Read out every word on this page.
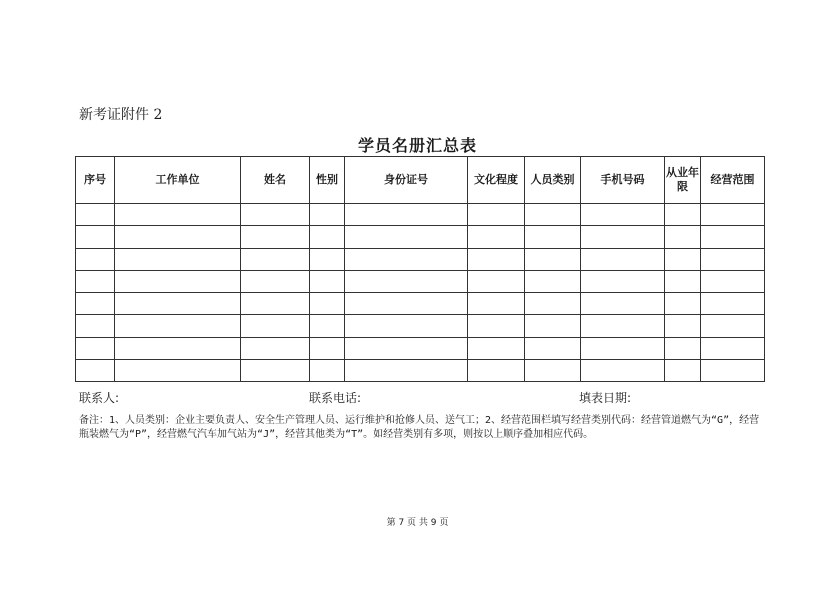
新考证附件 2
学员名册汇总表
序号	工作单位	姓名	性别	身份证号	文化程度	人员类别	手机号码	从业年限	经营范围

联系人:	联系电话:	填表日期:
备注：1、人员类别：企业主要负责人、安全生产管理人员、运行维护和抢修人员、送气工；2、经营范围栏填写经营类别代码：经营管道燃气为“G”，经营瓶装燃气为“P”，经营燃气汽车加气站为“J”，经营其他类为“T”。如经营类别有多项，则按以上顺序叠加相应代码。
第 7 页 共 9 页
